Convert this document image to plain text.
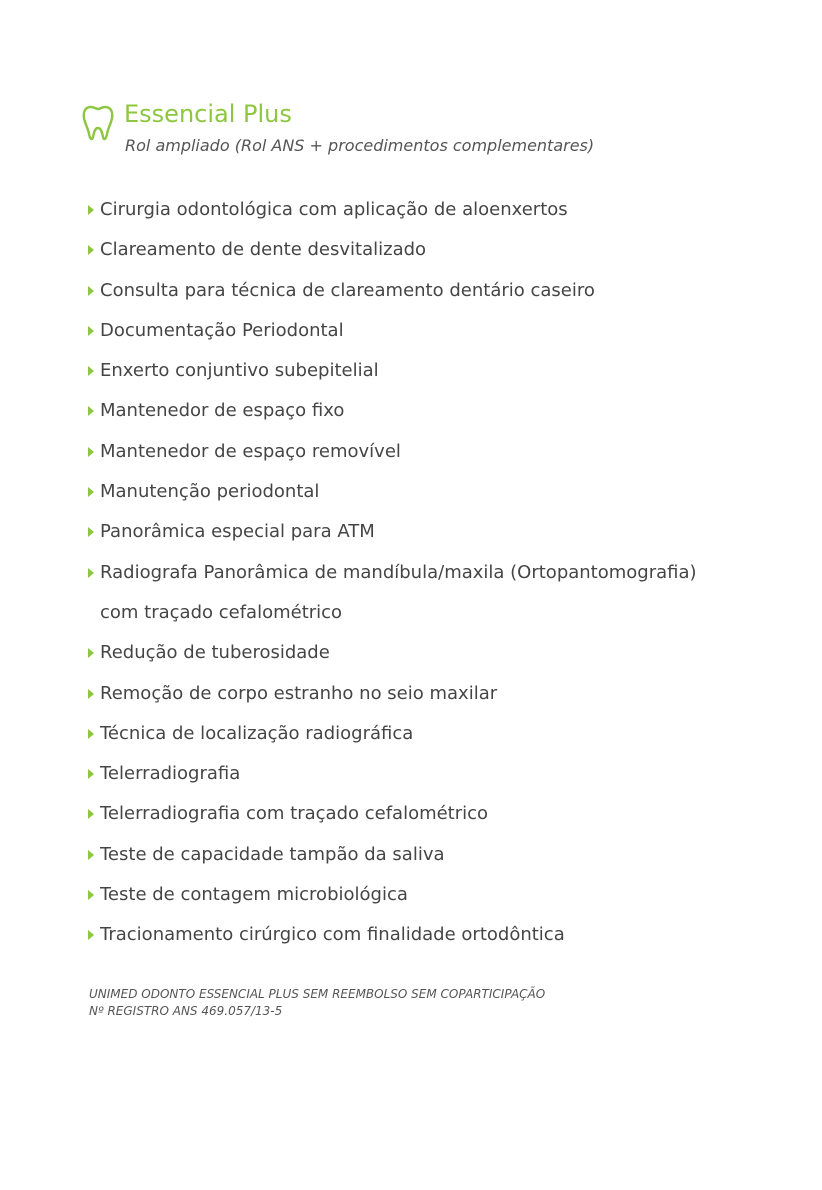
Essencial Plus
Rol ampliado (Rol ANS + procedimentos complementares)
Cirurgia odontológica com aplicação de aloenxertos
Clareamento de dente desvitalizado
Consulta para técnica de clareamento dentário caseiro
Documentação Periodontal
Enxerto conjuntivo subepitelial
Mantenedor de espaço fixo
Mantenedor de espaço removível
Manutenção periodontal
Panorâmica especial para ATM
Radiografa Panorâmica de mandíbula/maxila (Ortopantomografia)
com traçado cefalométrico
Redução de tuberosidade
Remoção de corpo estranho no seio maxilar
Técnica de localização radiográfica
Telerradiografia
Telerradiografia com traçado cefalométrico
Teste de capacidade tampão da saliva
Teste de contagem microbiológica
Tracionamento cirúrgico com finalidade ortodôntica
UNIMED ODONTO ESSENCIAL PLUS SEM REEMBOLSO SEM COPARTICIPAÇÃO
Nº REGISTRO ANS 469.057/13-5
